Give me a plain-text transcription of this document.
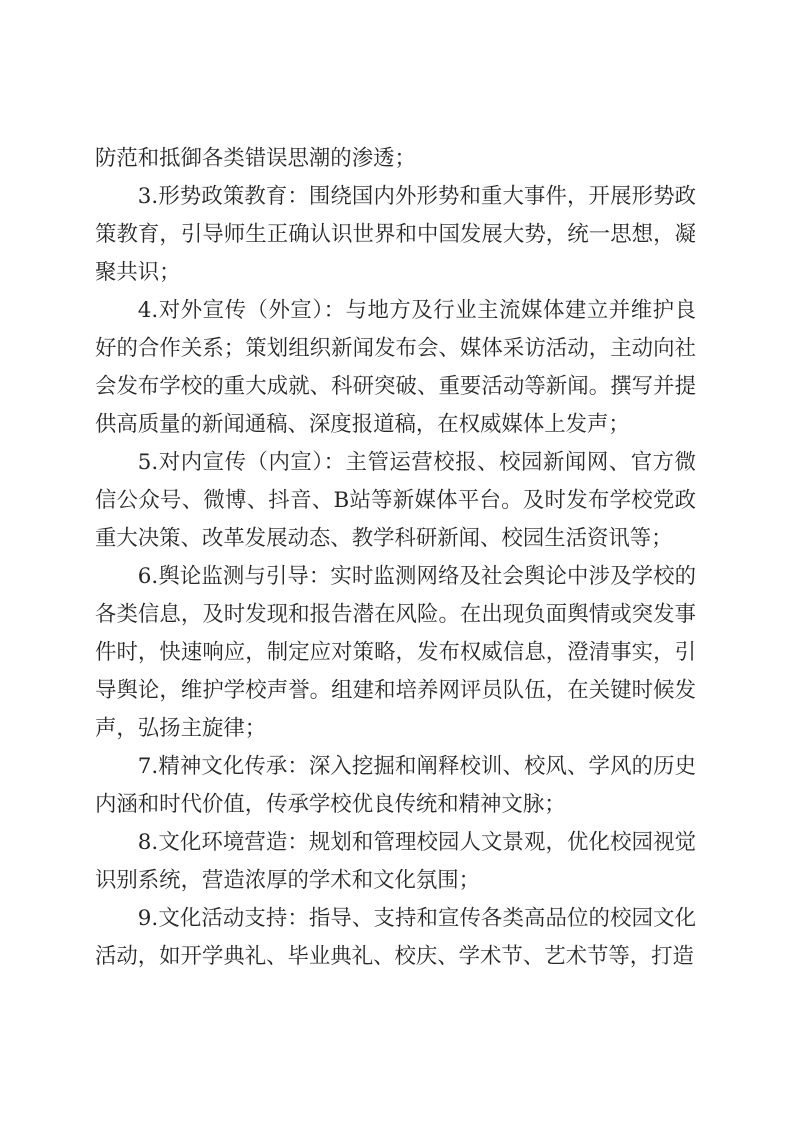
防范和抵御各类错误思潮的渗透；

3.形势政策教育：围绕国内外形势和重大事件，开展形势政策教育，引导师生正确认识世界和中国发展大势，统一思想，凝聚共识；

4.对外宣传（外宣）：与地方及行业主流媒体建立并维护良好的合作关系；策划组织新闻发布会、媒体采访活动，主动向社会发布学校的重大成就、科研突破、重要活动等新闻。撰写并提供高质量的新闻通稿、深度报道稿，在权威媒体上发声；

5.对内宣传（内宣）：主管运营校报、校园新闻网、官方微信公众号、微博、抖音、B站等新媒体平台。及时发布学校党政重大决策、改革发展动态、教学科研新闻、校园生活资讯等；

6.舆论监测与引导：实时监测网络及社会舆论中涉及学校的各类信息，及时发现和报告潜在风险。在出现负面舆情或突发事件时，快速响应，制定应对策略，发布权威信息，澄清事实，引导舆论，维护学校声誉。组建和培养网评员队伍，在关键时候发声，弘扬主旋律；

7.精神文化传承：深入挖掘和阐释校训、校风、学风的历史内涵和时代价值，传承学校优良传统和精神文脉；

8.文化环境营造：规划和管理校园人文景观，优化校园视觉识别系统，营造浓厚的学术和文化氛围；

9.文化活动支持：指导、支持和宣传各类高品位的校园文化活动，如开学典礼、毕业典礼、校庆、学术节、艺术节等，打造
